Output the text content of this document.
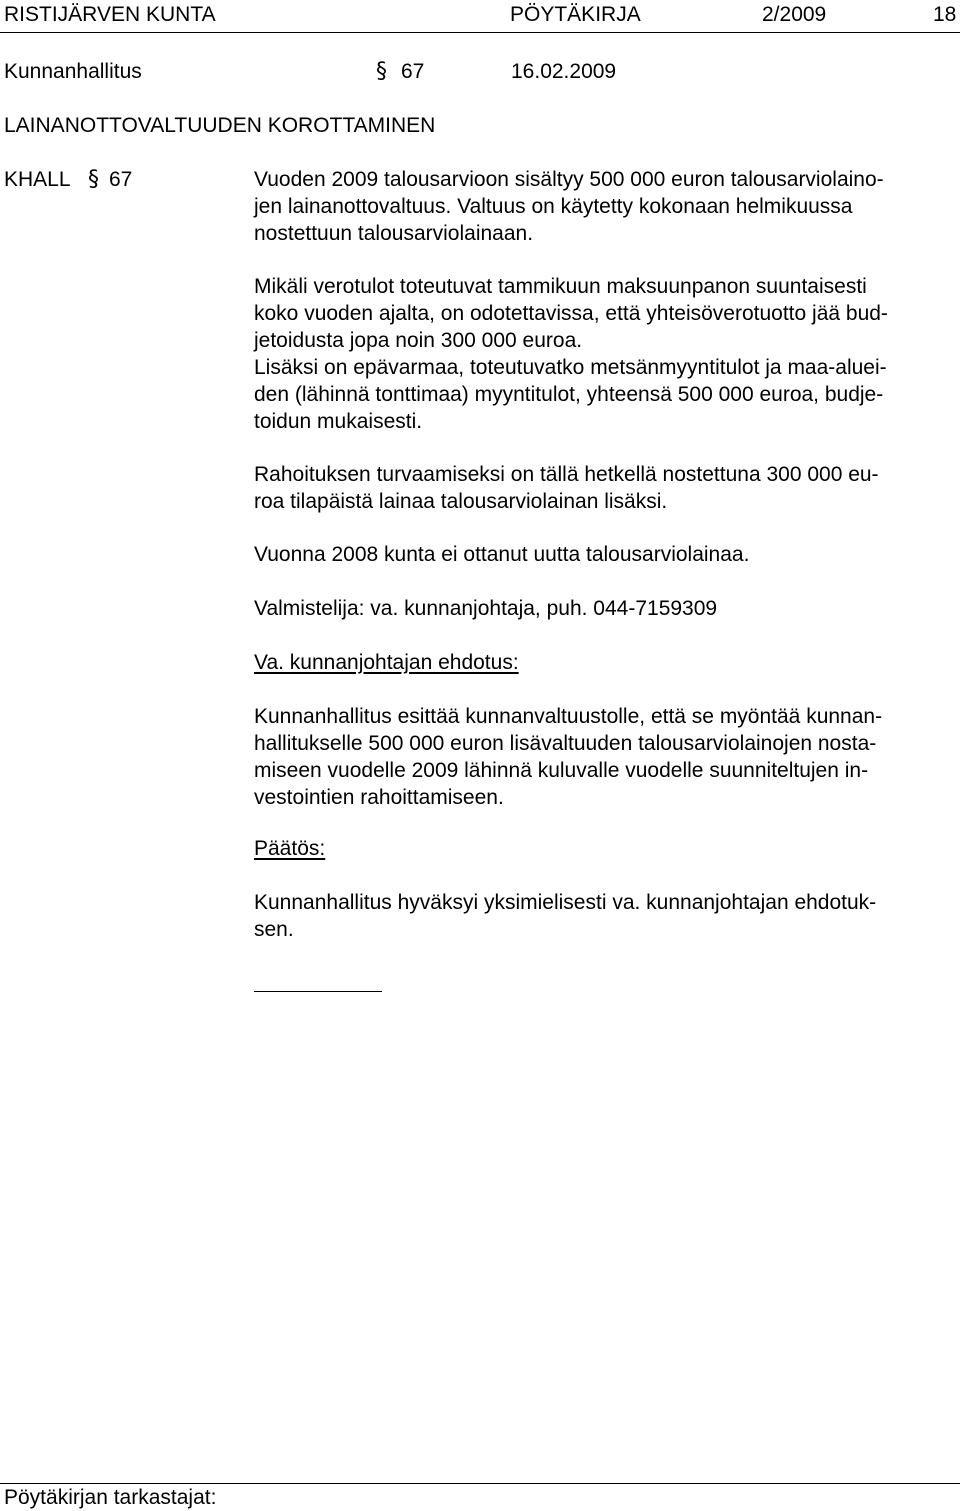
RISTIJÄRVEN KUNTA	PÖYTÄKIRJA	2/2009	18
Kunnanhallitus	§ 67	16.02.2009
LAINANOTTOVALTUUDEN KOROTTAMINEN
KHALL § 67	Vuoden 2009 talousarvioon sisältyy 500 000 euron talousarviolaino-
jen lainanottovaltuus. Valtuus on käytetty kokonaan helmikuussa
nostettuun talousarviolainaan.
Mikäli verotulot toteutuvat tammikuun maksuunpanon suuntaisesti
koko vuoden ajalta, on odotettavissa, että yhteisöverotuotto jää bud-
jetoidusta jopa noin 300 000 euroa.
Lisäksi on epävarmaa, toteutuvatko metsänmyyntitulot ja maa-aluei-
den (lähinnä tonttimaa) myyntitulot, yhteensä 500 000 euroa, budje-
toidun mukaisesti.
Rahoituksen turvaamiseksi on tällä hetkellä nostettuna 300 000 eu-
roa tilapäistä lainaa talousarviolainan lisäksi.
Vuonna 2008 kunta ei ottanut uutta talousarviolainaa.
Valmistelija: va. kunnanjohtaja, puh. 044-7159309
Va. kunnanjohtajan ehdotus:
Kunnanhallitus esittää kunnanvaltuustolle, että se myöntää kunnan-
hallitukselle 500 000 euron lisävaltuuden talousarviolainojen nosta-
miseen vuodelle 2009 lähinnä kuluvalle vuodelle suunniteltujen in-
vestointien rahoittamiseen.
Päätös:
Kunnanhallitus hyväksyi yksimielisesti va. kunnanjohtajan ehdotuk-
sen.
Pöytäkirjan tarkastajat:
